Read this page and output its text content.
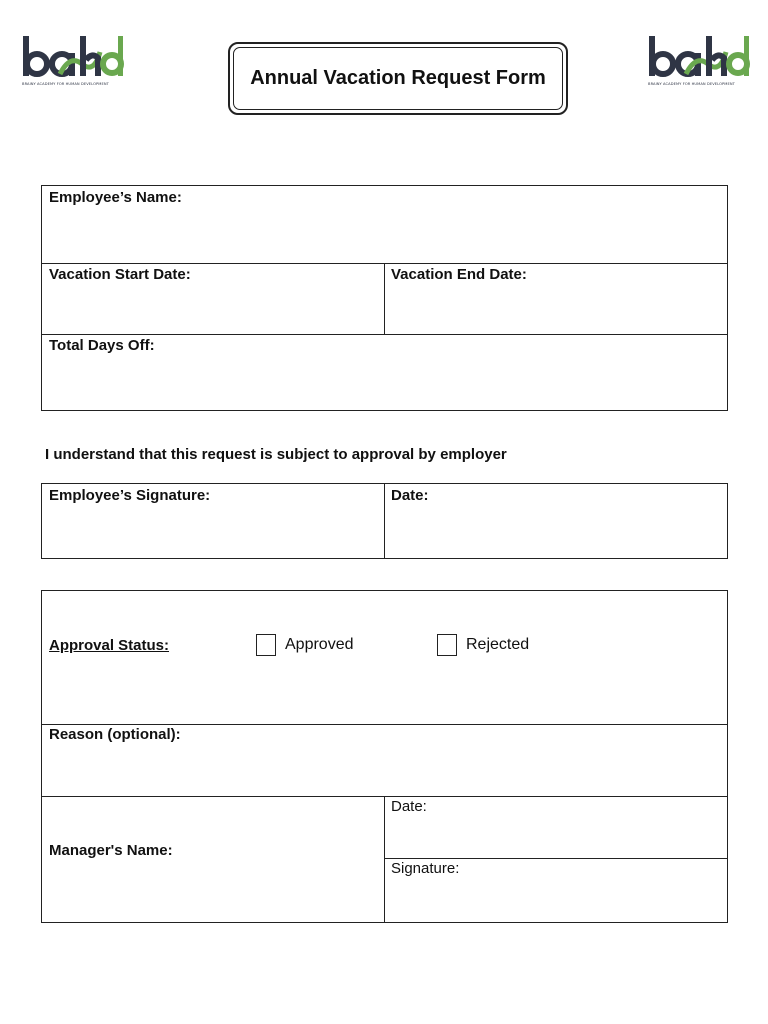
BRAINY ACADEMY FOR HUMAN DEVELOPMENT	BRAINY ACADEMY FOR HUMAN DEVELOPMENT
Annual Vacation Request Form
Employee’s Name:
Vacation Start Date:	Vacation End Date:
Total Days Off:
I understand that this request is subject to approval by employer
Employee’s Signature:	Date:
Approval Status:	Approved	Rejected
Reason (optional):
Manager's Name:
Date:
Signature:
